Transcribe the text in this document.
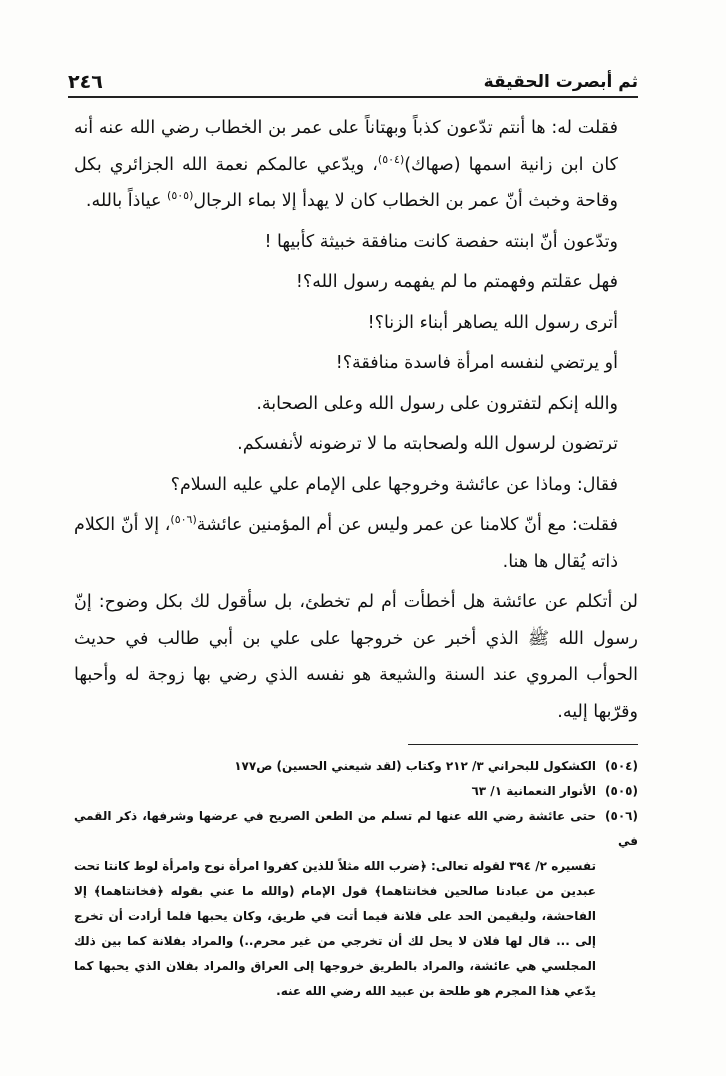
ثم أبصرت الحقيقة
٢٤٦

فقلت له: ها أنتم تدّعون كذباً وبهتاناً على عمر بن الخطاب رضي الله عنه أنه كان ابن زانية اسمها (صهاك)$^{(٥٠٤)}$، ويدّعي عالمكم نعمة الله الجزائري بكل وقاحة وخبث أنّ عمر بن الخطاب كان لا يهدأ إلا بماء الرجال$^{(٥٠٥)}$ عياذاً بالله.

وتدّعون أنّ ابنته حفصة كانت منافقة خبيثة كأبيها !

فهل عقلتم وفهمتم ما لم يفهمه رسول الله؟!

أترى رسول الله يصاهر أبناء الزنا؟!

أو يرتضي لنفسه امرأة فاسدة منافقة؟!

والله إنكم لتفترون على رسول الله وعلى الصحابة.

ترتضون لرسول الله ولصحابته ما لا ترضونه لأنفسكم.

فقال: وماذا عن عائشة وخروجها على الإمام علي عليه السلام؟

فقلت: مع أنّ كلامنا عن عمر وليس عن أم المؤمنين عائشة$^{(٥٠٦)}$، إلا أنّ الكلام ذاته يُقال ها هنا.

لن أتكلم عن عائشة هل أخطأت أم لم تخطئ، بل سأقول لك بكل وضوح: إنّ رسول الله ﷺ الذي أخبر عن خروجها على علي بن أبي طالب في حديث الحوأب المروي عند السنة والشيعة هو نفسه الذي رضي بها زوجة له وأحبها وقرّبها إليه.

(٥٠٤)الكشكول للبحراني ٣/ ٢١٢ وكتاب (لقد شيعني الحسين) ص١٧٧

(٥٠٥)الأنوار النعمانية ١/ ٦٣

(٥٠٦)حتى عائشة رضي الله عنها لم تسلم من الطعن الصريح في عرضها وشرفها، ذكر القمي في

تفسيره ٢/ ٣٩٤ لقوله تعالى: ﴿ضرب الله مثلاً للذين كفروا امرأة نوح وامرأة لوط كانتا تحت عبدين من عبادنا صالحين فخانتاهما﴾ قول الإمام (والله ما عني بقوله ﴿فخانتاهما﴾ إلا الفاحشة، وليقيمن الحد على فلانة فيما أتت في طريق، وكان يحبها فلما أرادت أن تخرج إلى ... قال لها فلان لا يحل لك أن تخرجي من غير محرم..) والمراد بفلانة كما بين ذلك المجلسي هي عائشة، والمراد بالطريق خروجها إلى العراق والمراد بفلان الذي يحبها كما يدّعي هذا المجرم هو طلحة بن عبيد الله رضي الله عنه.
